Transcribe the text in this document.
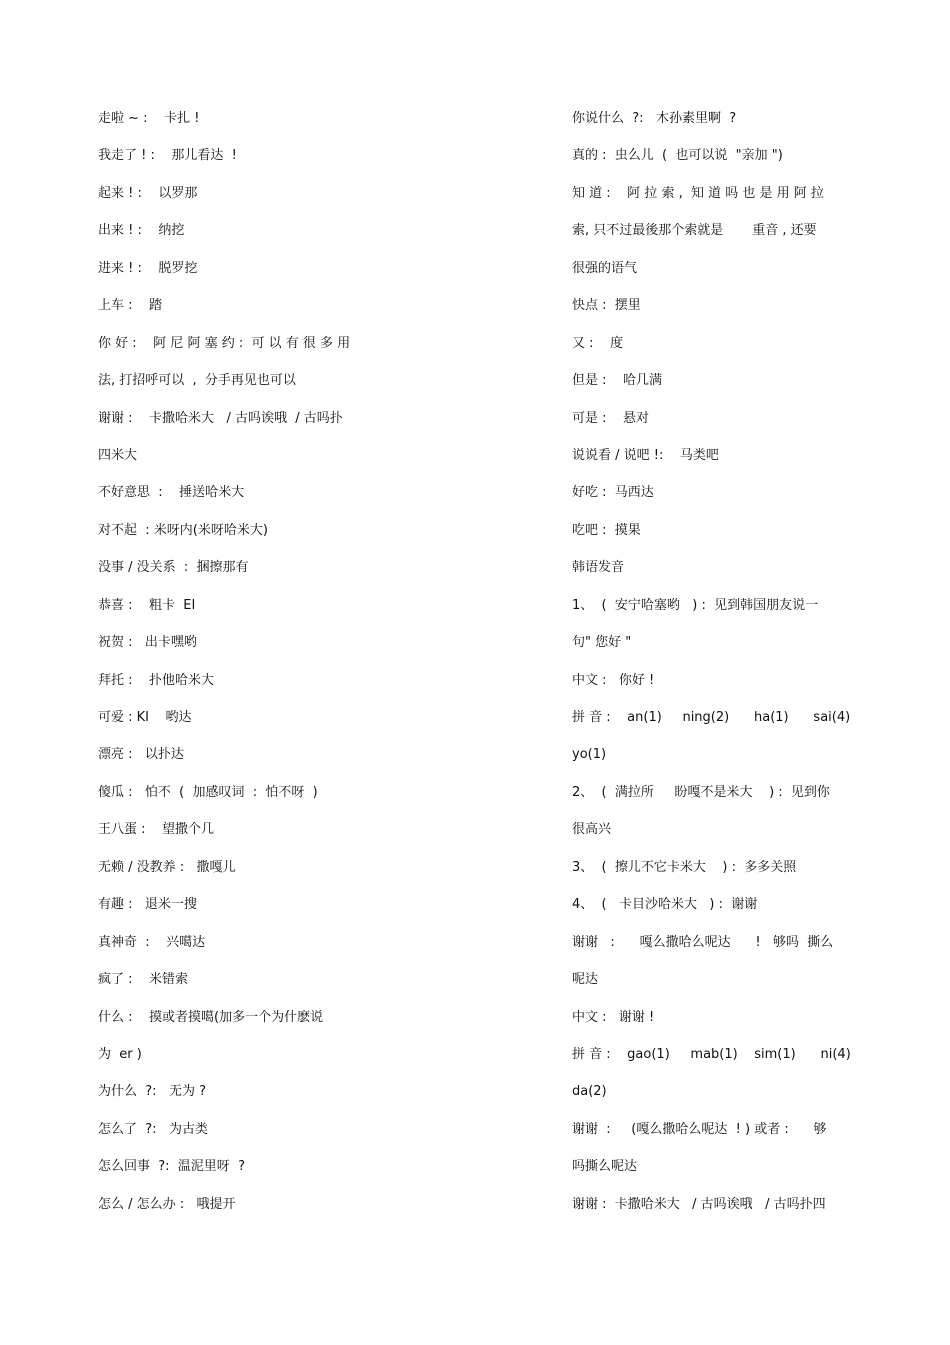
走啦 ~ :    卡扎 !
我走了 ! :    那儿看达  !
起来 ! :    以罗那
出来 ! :    纳挖
进来 ! :    脱罗挖
上车 :    踏
你 好 :    阿 尼 阿 塞 约 :  可 以 有 很 多 用
法, 打招呼可以  ,  分手再见也可以
谢谢 :    卡撒哈米大   / 古吗诶哦  / 古吗扑
四米大
不好意思  :    捶送哈米大
对不起  : 米呀内(米呀哈米大)
没事 / 没关系  :  捆擦那有
恭喜 :    粗卡  EI
祝贺 :   出卡嘿哟
拜托 :    扑他哈米大
可爱 : KI    哟达
漂亮 :   以扑达
傻瓜 :   怕不  (  加感叹词  :  怕不呀  )
王八蛋 :    望撒个几
无赖 / 没教养 :   撒嘎儿
有趣 :   退米一搜
真神奇  :    兴噶达
疯了 :    米错索
什么 :    摸或者摸噶(加多一个为什麽说
为  er )
为什么  ?:   无为 ?
怎么了  ?:   为古类
怎么回事  ?:  温泥里呀  ?
怎么 / 怎么办 :   哦提开
你说什么  ?:   木孙素里啊  ?
真的 :  虫么儿  (  也可以说  "亲加 ")
知 道 :    阿 拉 索 ,  知 道 吗 也 是 用 阿 拉
索, 只不过最後那个索就是       重音 , 还要
很强的语气
快点 :  摆里
又 :    度
但是 :    哈几满
可是 :    悬对
说说看 / 说吧 !:    马类吧
好吃 :  马西达
吃吧 :  摸果
韩语发音
1、  (  安宁哈塞哟   ) :  见到韩国朋友说一
句" 您好 "
中文 :   你好 !
拼 音 :    an(1)     ning(2)      ha(1)      sai(4)
yo(1)
2、  (  满拉所     盼嘎不是米大    ) :  见到你
很高兴
3、  (  擦儿不它卡米大    ) :  多多关照
4、  (   卡目沙哈米大   ) :  谢谢
谢谢   :      嘎么撒哈么呢达      !   够吗  撕么
呢达
中文 :   谢谢 !
拼 音 :    gao(1)     mab(1)    sim(1)      ni(4)
da(2)
谢谢  :     (嘎么撒哈么呢达  ! ) 或者 :      够
吗撕么呢达
谢谢 :  卡撒哈米大   / 古吗诶哦   / 古吗扑四
